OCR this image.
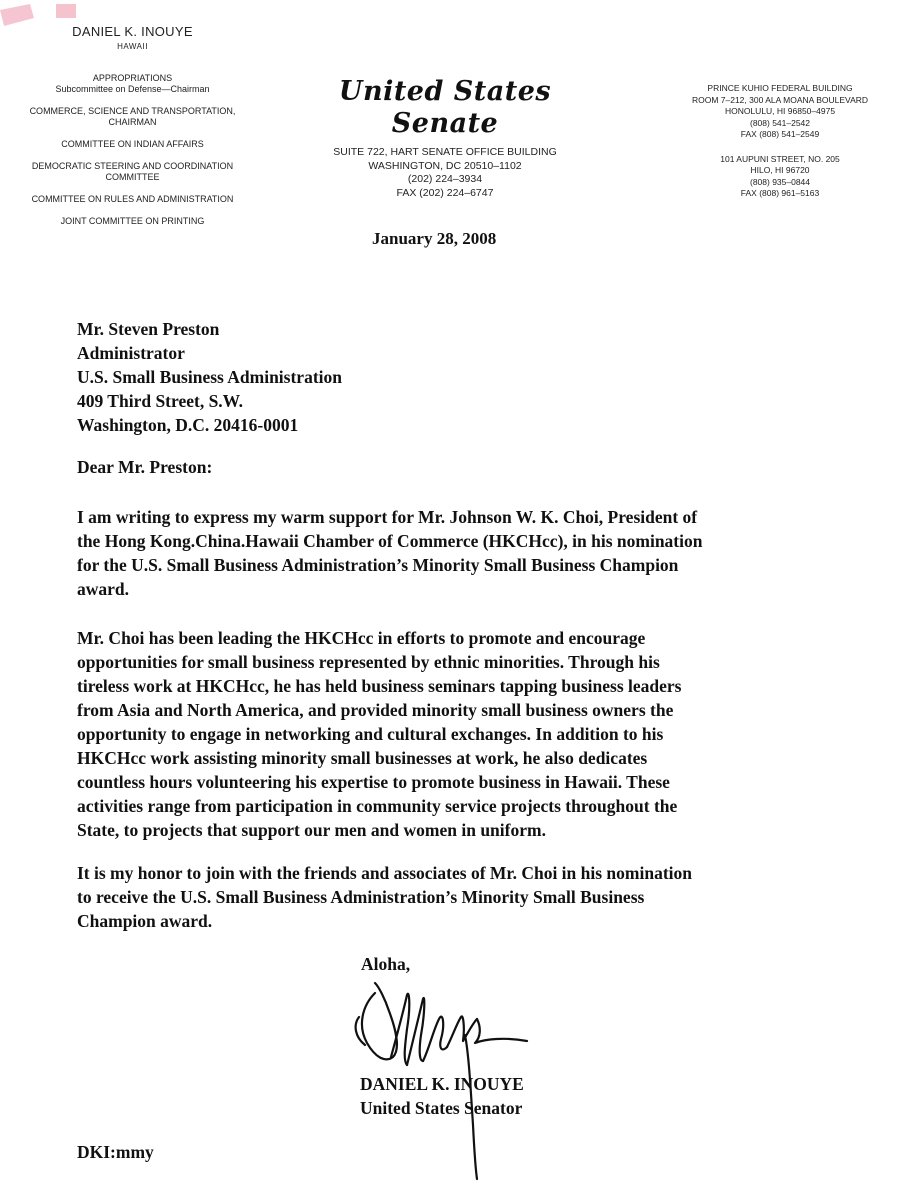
DANIEL K. INOUYE
HAWAII
APPROPRIATIONS
Subcommittee on Defense—Chairman
COMMERCE, SCIENCE AND TRANSPORTATION,
CHAIRMAN
COMMITTEE ON INDIAN AFFAIRS
DEMOCRATIC STEERING AND COORDINATION
COMMITTEE
COMMITTEE ON RULES AND ADMINISTRATION
JOINT COMMITTEE ON PRINTING
United States Senate
SUITE 722, HART SENATE OFFICE BUILDING
WASHINGTON, DC 20510–1102
(202) 224–3934
FAX (202) 224–6747
PRINCE KUHIO FEDERAL BUILDING
ROOM 7–212, 300 ALA MOANA BOULEVARD
HONOLULU, HI 96850–4975
(808) 541–2542
FAX (808) 541–2549
101 AUPUNI STREET, NO. 205
HILO, HI 96720
(808) 935–0844
FAX (808) 961–5163
January 28, 2008
Mr. Steven Preston
Administrator
U.S. Small Business Administration
409 Third Street, S.W.
Washington, D.C. 20416-0001
Dear Mr. Preston:
I am writing to express my warm support for Mr. Johnson W. K. Choi, President of
the Hong Kong.China.Hawaii Chamber of Commerce (HKCHcc), in his nomination
for the U.S. Small Business Administration’s Minority Small Business Champion
award.
Mr. Choi has been leading the HKCHcc in efforts to promote and encourage
opportunities for small business represented by ethnic minorities. Through his
tireless work at HKCHcc, he has held business seminars tapping business leaders
from Asia and North America, and provided minority small business owners the
opportunity to engage in networking and cultural exchanges. In addition to his
HKCHcc work assisting minority small businesses at work, he also dedicates
countless hours volunteering his expertise to promote business in Hawaii. These
activities range from participation in community service projects throughout the
State, to projects that support our men and women in uniform.
It is my honor to join with the friends and associates of Mr. Choi in his nomination
to receive the U.S. Small Business Administration’s Minority Small Business
Champion award.
Aloha,
DANIEL K. INOUYE
United States Senator
DKI:mmy
